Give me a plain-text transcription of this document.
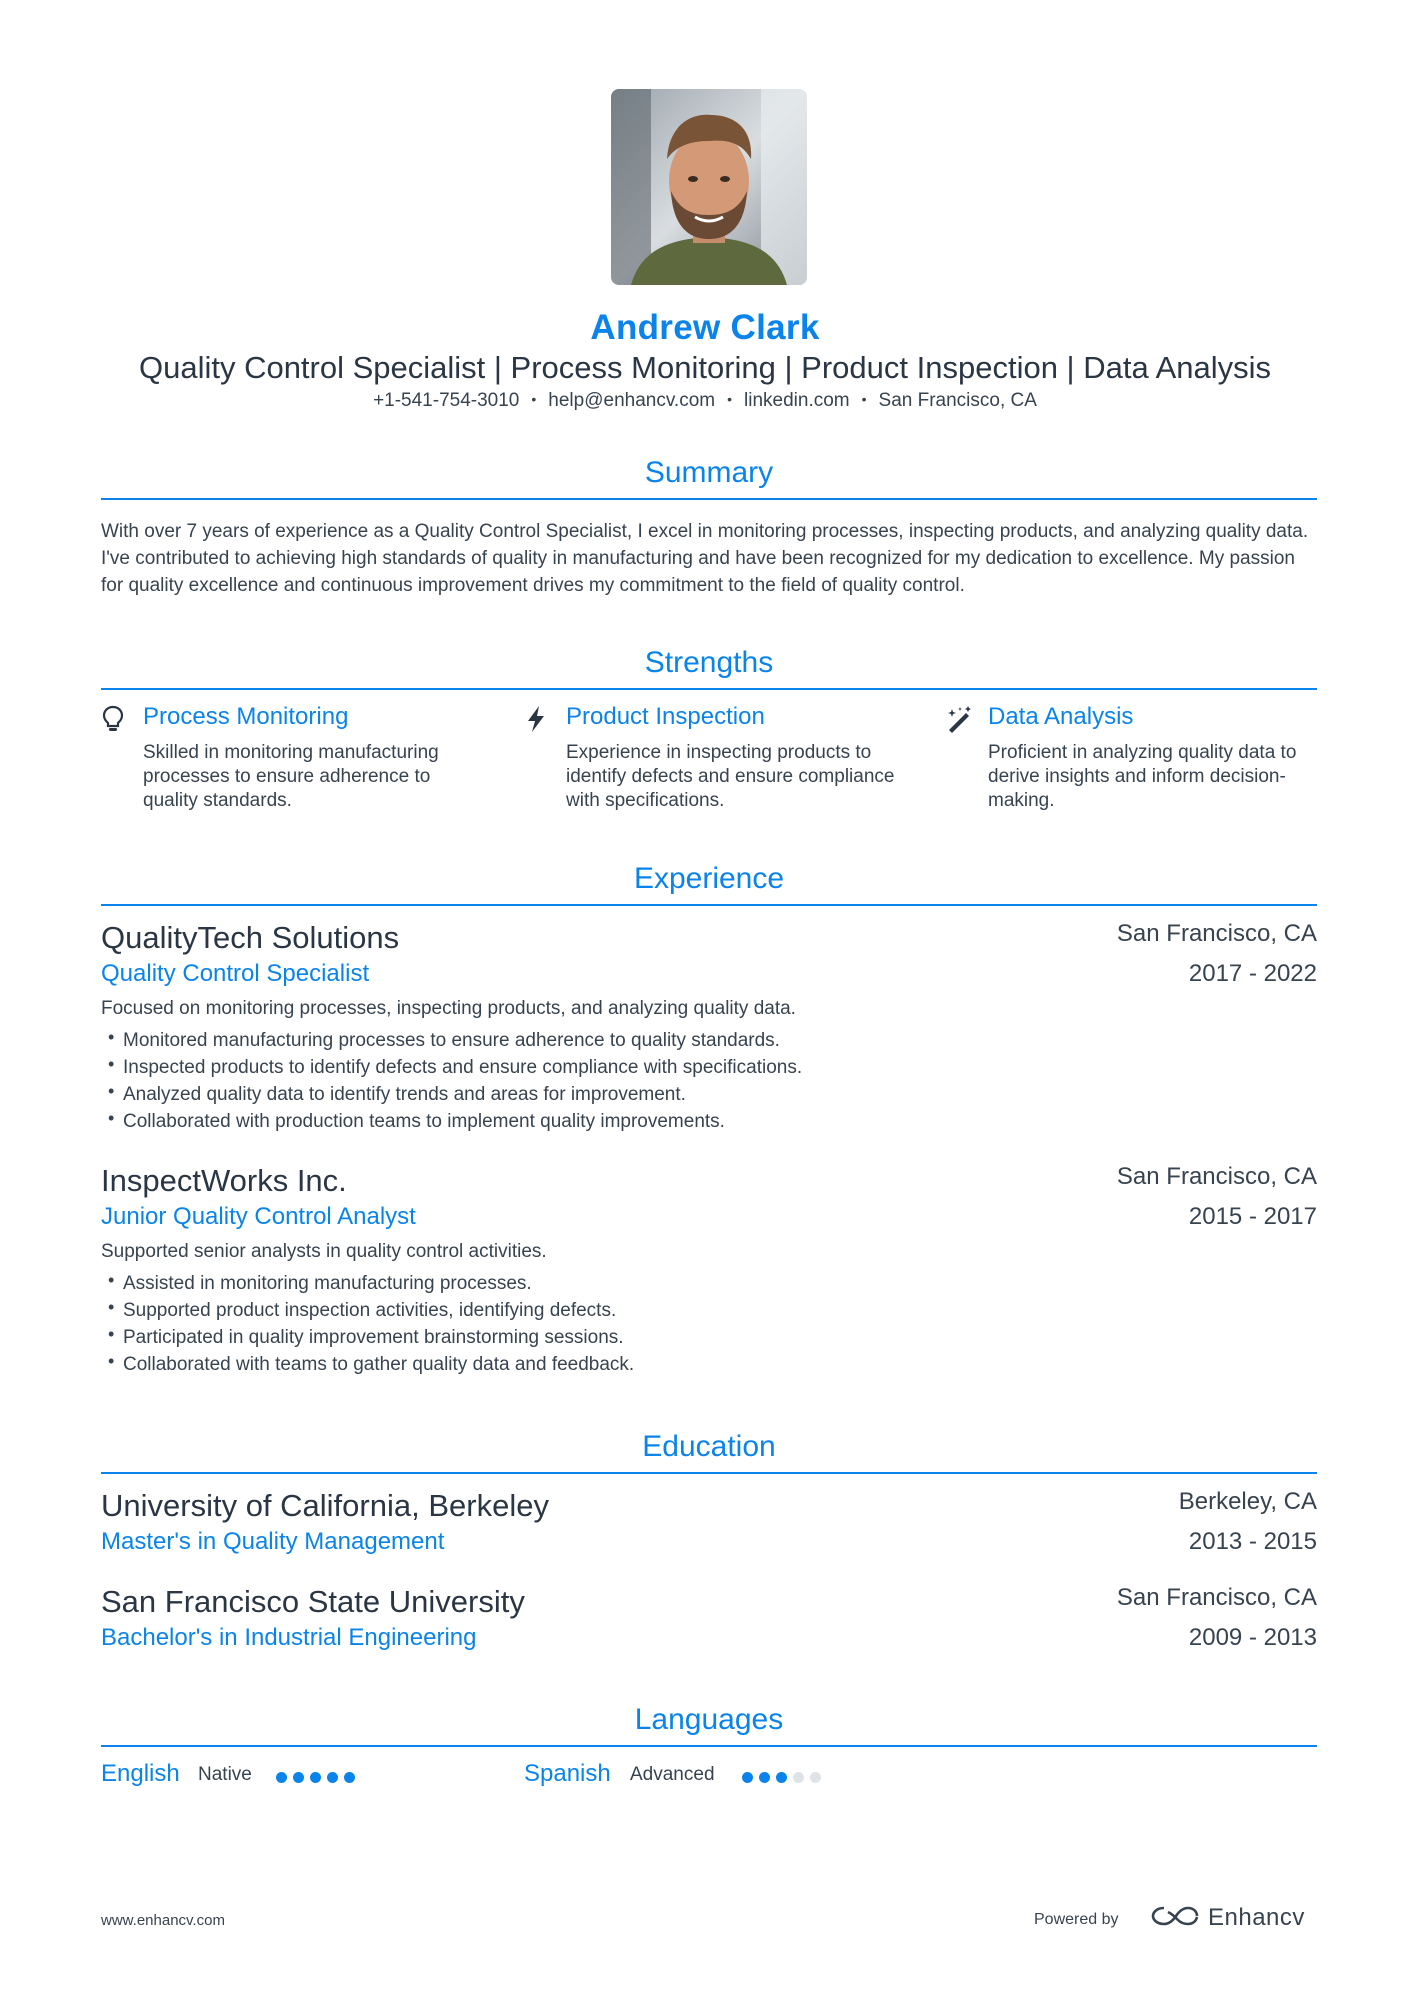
Andrew Clark
Quality Control Specialist | Process Monitoring | Product Inspection | Data Analysis
+1-541-754-3010 • help@enhancv.com • linkedin.com • San Francisco, CA
Summary
With over 7 years of experience as a Quality Control Specialist, I excel in monitoring processes, inspecting products, and analyzing quality data. I've contributed to achieving high standards of quality in manufacturing and have been recognized for my dedication to excellence. My passion for quality excellence and continuous improvement drives my commitment to the field of quality control.
Strengths
Process Monitoring
Skilled in monitoring manufacturing processes to ensure adherence to quality standards.
Product Inspection
Experience in inspecting products to identify defects and ensure compliance with specifications.
Data Analysis
Proficient in analyzing quality data to derive insights and inform decision-making.
Experience
QualityTech Solutions
Quality Control Specialist
San Francisco, CA
2017 - 2022
Focused on monitoring processes, inspecting products, and analyzing quality data.
• Monitored manufacturing processes to ensure adherence to quality standards.
• Inspected products to identify defects and ensure compliance with specifications.
• Analyzed quality data to identify trends and areas for improvement.
• Collaborated with production teams to implement quality improvements.
InspectWorks Inc.
Junior Quality Control Analyst
San Francisco, CA
2015 - 2017
Supported senior analysts in quality control activities.
• Assisted in monitoring manufacturing processes.
• Supported product inspection activities, identifying defects.
• Participated in quality improvement brainstorming sessions.
• Collaborated with teams to gather quality data and feedback.
Education
University of California, Berkeley
Master's in Quality Management
Berkeley, CA
2013 - 2015
San Francisco State University
Bachelor's in Industrial Engineering
San Francisco, CA
2009 - 2013
Languages
English Native	Spanish Advanced
www.enhancv.com	Powered by	Enhancv
